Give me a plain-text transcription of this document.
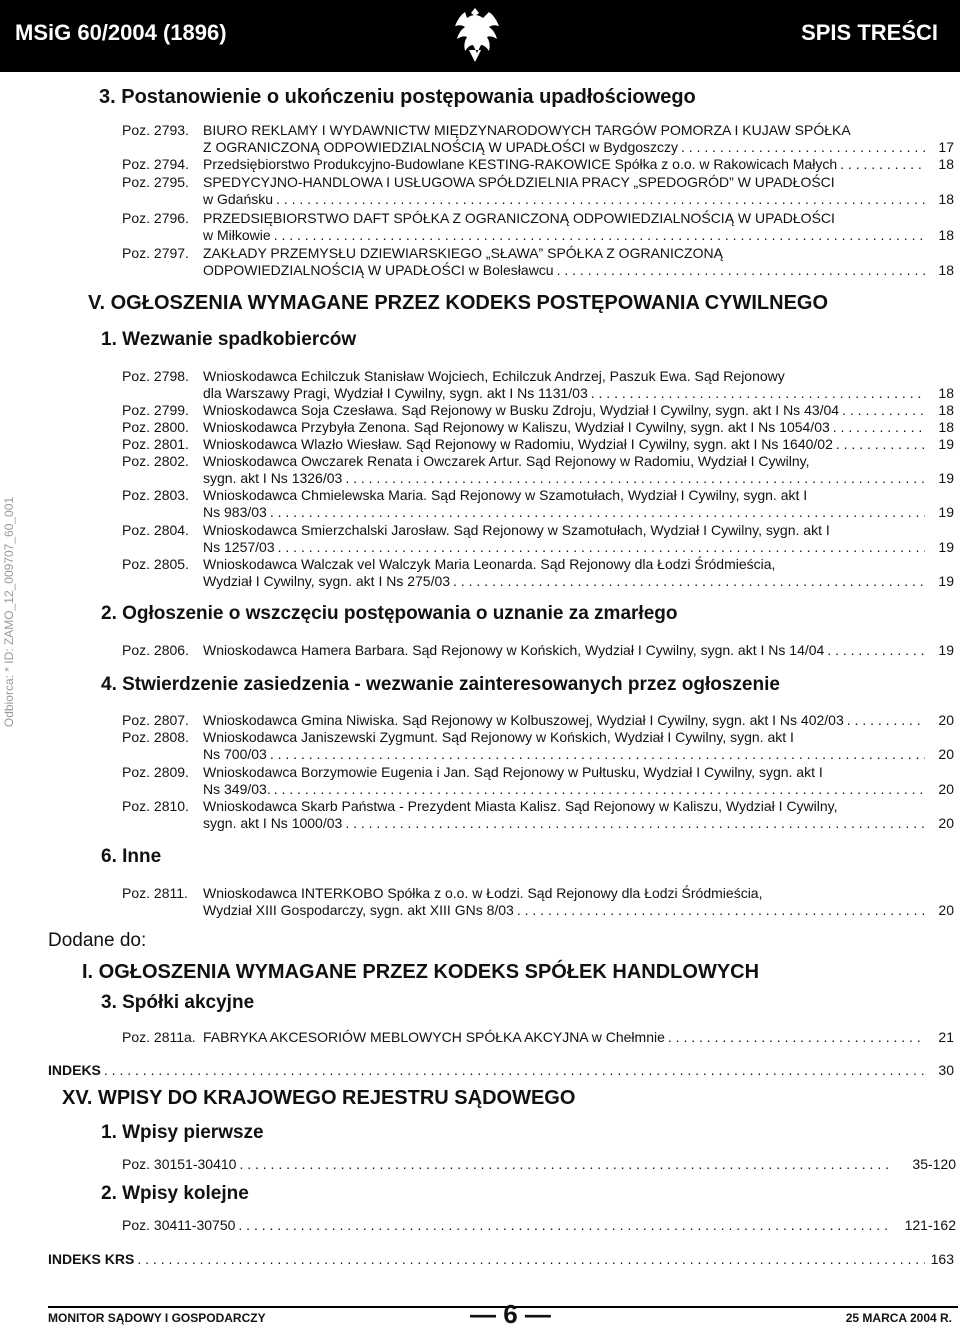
MSiG 60/2004 (1896)	SPIS TREŚCI
Odbiorca: * ID: ZAMO_12_009707_60_001
3. Postanowienie o ukończeniu postępowania upadłościowego
Poz. 2793.	BIURO REKLAMY I WYDAWNICTW MIĘDZYNARODOWYCH TARGÓW POMORZA I KUJAW SPÓŁKA
Z OGRANICZONĄ ODPOWIEDZIALNOŚCIĄ W UPADŁOŚCI w Bydgoszczy . . .	17
Poz. 2794.	Przedsiębiorstwo Produkcyjno-Budowlane KESTING-RAKOWICE Spółka z o.o. w Rakowicach Małych . . .	18
Poz. 2795.	SPEDYCYJNO-HANDLOWA I USŁUGOWA SPÓŁDZIELNIA PRACY „SPEDOGRÓD” W UPADŁOŚCI
w Gdańsku . . .	18
Poz. 2796.	PRZEDSIĘBIORSTWO DAFT SPÓŁKA Z OGRANICZONĄ ODPOWIEDZIALNOŚCIĄ W UPADŁOŚCI
w Miłkowie . . .	18
Poz. 2797.	ZAKŁADY PRZEMYSŁU DZIEWIARSKIEGO „SŁAWA” SPÓŁKA Z OGRANICZONĄ
ODPOWIEDZIALNOŚCIĄ W UPADŁOŚCI w Bolesławcu . . .	18
V. OGŁOSZENIA WYMAGANE PRZEZ KODEKS POSTĘPOWANIA CYWILNEGO
1. Wezwanie spadkobierców
Poz. 2798.	Wnioskodawca Echilczuk Stanisław Wojciech, Echilczuk Andrzej, Paszuk Ewa. Sąd Rejonowy
dla Warszawy Pragi, Wydział I Cywilny, sygn. akt I Ns 1131/03 . . .	18
Poz. 2799.	Wnioskodawca Soja Czesława. Sąd Rejonowy w Busku Zdroju, Wydział I Cywilny, sygn. akt I Ns 43/04 . . .	18
Poz. 2800.	Wnioskodawca Przybyła Zenona. Sąd Rejonowy w Kaliszu, Wydział I Cywilny, sygn. akt I Ns 1054/03 . . .	18
Poz. 2801.	Wnioskodawca Wlazło Wiesław. Sąd Rejonowy w Radomiu, Wydział I Cywilny, sygn. akt I Ns 1640/02 . . .	19
Poz. 2802.	Wnioskodawca Owczarek Renata i Owczarek Artur. Sąd Rejonowy w Radomiu, Wydział I Cywilny,
sygn. akt I Ns 1326/03 . . .	19
Poz. 2803.	Wnioskodawca Chmielewska Maria. Sąd Rejonowy w Szamotułach, Wydział I Cywilny, sygn. akt I
Ns 983/03 . . .	19
Poz. 2804.	Wnioskodawca Smierzchalski Jarosław. Sąd Rejonowy w Szamotułach, Wydział I Cywilny, sygn. akt I
Ns 1257/03 . . .	19
Poz. 2805.	Wnioskodawca Walczak vel Walczyk Maria Leonarda. Sąd Rejonowy dla Łodzi Śródmieścia,
Wydział I Cywilny, sygn. akt I Ns 275/03 . . .	19
2. Ogłoszenie o wszczęciu postępowania o uznanie za zmarłego
Poz. 2806.	Wnioskodawca Hamera Barbara. Sąd Rejonowy w Końskich, Wydział I Cywilny, sygn. akt I Ns 14/04 . . .	19
4. Stwierdzenie zasiedzenia - wezwanie zainteresowanych przez ogłoszenie
Poz. 2807.	Wnioskodawca Gmina Niwiska. Sąd Rejonowy w Kolbuszowej, Wydział I Cywilny, sygn. akt I Ns 402/03 . . .	20
Poz. 2808.	Wnioskodawca Janiszewski Zygmunt. Sąd Rejonowy w Końskich, Wydział I Cywilny, sygn. akt I
Ns 700/03 . . .	20
Poz. 2809.	Wnioskodawca Borzymowie Eugenia i Jan. Sąd Rejonowy w Pułtusku, Wydział I Cywilny, sygn. akt I
Ns 349/03. . . .	20
Poz. 2810.	Wnioskodawca Skarb Państwa - Prezydent Miasta Kalisz. Sąd Rejonowy w Kaliszu, Wydział I Cywilny,
sygn. akt I Ns 1000/03 . . .	20
6. Inne
Poz. 2811.	Wnioskodawca INTERKOBO Spółka z o.o. w Łodzi. Sąd Rejonowy dla Łodzi Śródmieścia,
Wydział XIII Gospodarczy, sygn. akt XIII GNs 8/03 . . .	20
Dodane do:
I. OGŁOSZENIA WYMAGANE PRZEZ KODEKS SPÓŁEK HANDLOWYCH
3. Spółki akcyjne
Poz. 2811a. FABRYKA AKCESORIÓW MEBLOWYCH SPÓŁKA AKCYJNA w Chełmnie . . .	21
INDEKS . . .	30
XV. WPISY DO KRAJOWEGO REJESTRU SĄDOWEGO
1. Wpisy pierwsze
Poz. 30151-30410 . . .	35-120
2. Wpisy kolejne
Poz. 30411-30750 . . .	121-162
INDEKS KRS . . .	163
MONITOR SĄDOWY I GOSPODARCZY	— 6 —	25 MARCA 2004 R.
